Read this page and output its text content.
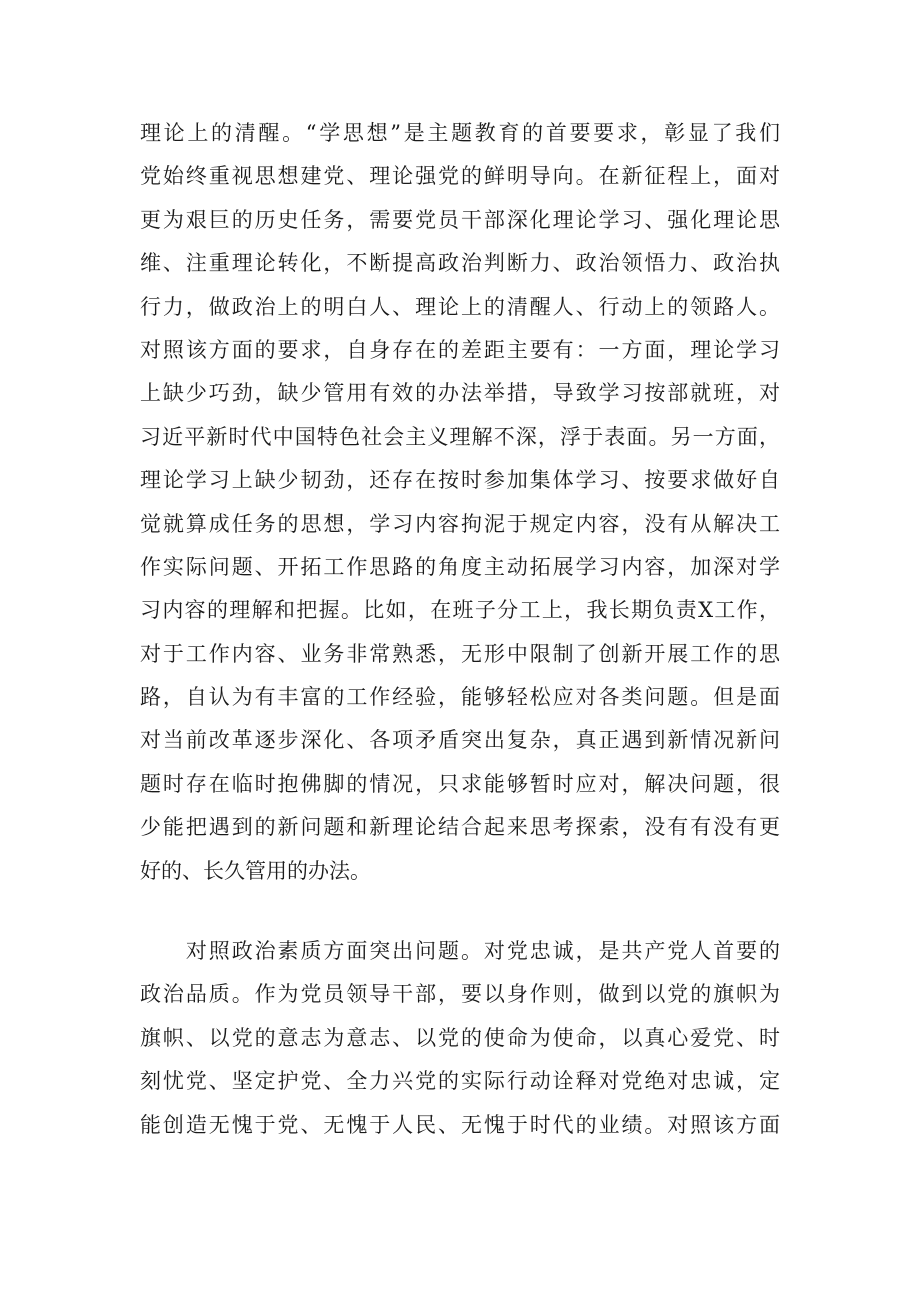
理论上的清醒。“学思想”是主题教育的首要要求，彰显了我们
党始终重视思想建党、理论强党的鲜明导向。在新征程上，面对
更为艰巨的历史任务，需要党员干部深化理论学习、强化理论思
维、注重理论转化，不断提高政治判断力、政治领悟力、政治执
行力，做政治上的明白人、理论上的清醒人、行动上的领路人。
对照该方面的要求，自身存在的差距主要有：一方面，理论学习
上缺少巧劲，缺少管用有效的办法举措，导致学习按部就班，对
习近平新时代中国特色社会主义理解不深，浮于表面。另一方面，
理论学习上缺少韧劲，还存在按时参加集体学习、按要求做好自
觉就算成任务的思想，学习内容拘泥于规定内容，没有从解决工
作实际问题、开拓工作思路的角度主动拓展学习内容，加深对学
习内容的理解和把握。比如，在班子分工上，我长期负责X工作，
对于工作内容、业务非常熟悉，无形中限制了创新开展工作的思
路，自认为有丰富的工作经验，能够轻松应对各类问题。但是面
对当前改革逐步深化、各项矛盾突出复杂，真正遇到新情况新问
题时存在临时抱佛脚的情况，只求能够暂时应对，解决问题，很
少能把遇到的新问题和新理论结合起来思考探索，没有有没有更
好的、长久管用的办法。
　　对照政治素质方面突出问题。对党忠诚，是共产党人首要的
政治品质。作为党员领导干部，要以身作则，做到以党的旗帜为
旗帜、以党的意志为意志、以党的使命为使命，以真心爱党、时
刻忧党、坚定护党、全力兴党的实际行动诠释对党绝对忠诚，定
能创造无愧于党、无愧于人民、无愧于时代的业绩。对照该方面
